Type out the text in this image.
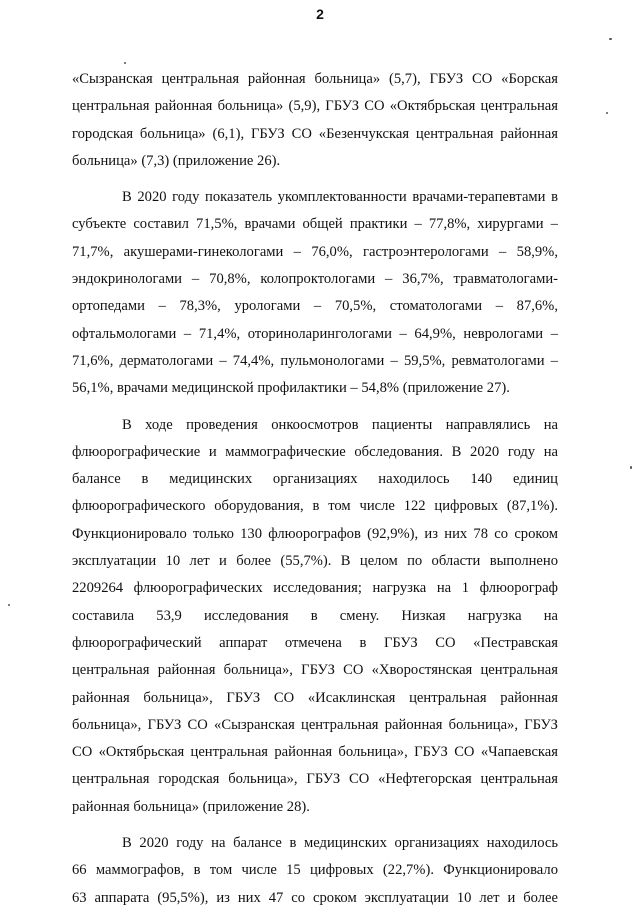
2
«Сызранская центральная районная больница» (5,7), ГБУЗ СО «Борская
центральная районная больница» (5,9), ГБУЗ СО «Октябрьская центральная
городская больница» (6,1), ГБУЗ СО «Безенчукская центральная районная
больница» (7,3) (приложение 26).
В 2020 году показатель укомплектованности врачами-терапевтами в
субъекте составил 71,5%, врачами общей практики – 77,8%, хирургами –
71,7%, акушерами-гинекологами – 76,0%, гастроэнтерологами – 58,9%,
эндокринологами – 70,8%, колопроктологами – 36,7%, травматологами-
ортопедами – 78,3%, урологами – 70,5%, стоматологами – 87,6%,
офтальмологами – 71,4%, оториноларингологами – 64,9%, неврологами –
71,6%, дерматологами – 74,4%, пульмонологами – 59,5%, ревматологами –
56,1%, врачами медицинской профилактики – 54,8% (приложение 27).
В ходе проведения онкоосмотров пациенты направлялись на
флюорографические и маммографические обследования. В 2020 году на
балансе в медицинских организациях находилось 140 единиц
флюорографического оборудования, в том числе 122 цифровых (87,1%).
Функционировало только 130 флюорографов (92,9%), из них 78 со сроком
эксплуатации 10 лет и более (55,7%). В целом по области выполнено
2209264 флюорографических исследования; нагрузка на 1 флюорограф
составила 53,9 исследования в смену. Низкая нагрузка на
флюорографический аппарат отмечена в ГБУЗ СО «Пестравская
центральная районная больница», ГБУЗ СО «Хворостянская центральная
районная больница», ГБУЗ СО «Исаклинская центральная районная
больница», ГБУЗ СО «Сызранская центральная районная больница», ГБУЗ
СО «Октябрьская центральная районная больница», ГБУЗ СО «Чапаевская
центральная городская больница», ГБУЗ СО «Нефтегорская центральная
районная больница» (приложение 28).
В 2020 году на балансе в медицинских организациях находилось
66 маммографов, в том числе 15 цифровых (22,7%). Функционировало
63 аппарата (95,5%), из них 47 со сроком эксплуатации 10 лет и более
